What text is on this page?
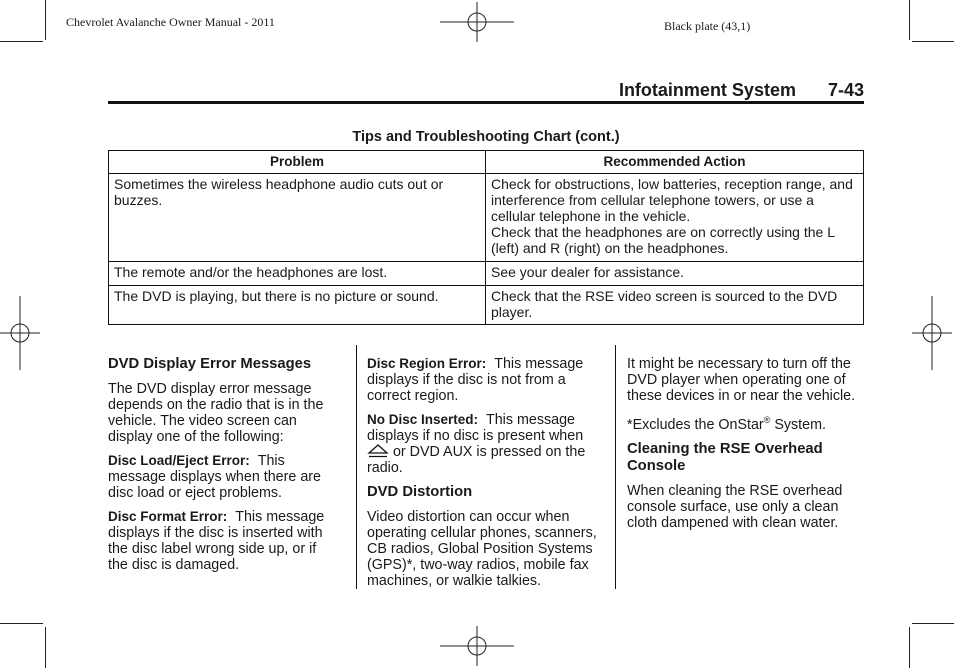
Chevrolet Avalanche Owner Manual - 2011	Black plate (43,1)
Infotainment System 7-43
Tips and Troubleshooting Chart (cont.)
Problem	Recommended Action
Sometimes the wireless headphone audio cuts out or buzzes.	Check for obstructions, low batteries, reception range, and interference from cellular telephone towers, or use a cellular telephone in the vehicle.
Check that the headphones are on correctly using the L (left) and R (right) on the headphones.

The remote and/or the headphones are lost.	See your dealer for assistance.
The DVD is playing, but there is no picture or sound.	Check that the RSE video screen is sourced to the DVD player.
DVD Display Error Messages

The DVD display error message depends on the radio that is in the vehicle. The video screen can display one of the following:

Disc Load/Eject Error: This message displays when there are disc load or eject problems.

Disc Format Error: This message displays if the disc is inserted with the disc label wrong side up, or if the disc is damaged.

Disc Region Error: This message displays if the disc is not from a correct region.

No Disc Inserted: This message displays if no disc is present when
or DVD AUX is pressed on the radio.

DVD Distortion

Video distortion can occur when operating cellular phones, scanners, CB radios, Global Position Systems (GPS)*, two-way radios, mobile fax machines, or walkie talkies.

It might be necessary to turn off the DVD player when operating one of these devices in or near the vehicle.

*Excludes the OnStar® System.

Cleaning the RSE Overhead Console

When cleaning the RSE overhead console surface, use only a clean cloth dampened with clean water.
